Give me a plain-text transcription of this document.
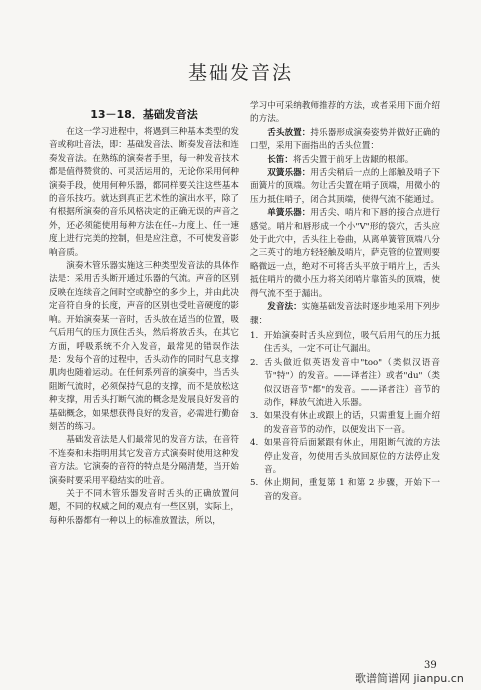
基础发音法
13－18．基础发音法

在这一学习进程中，将遇到三种基本类型的发音或称吐音法，即：基础发音法、断奏发音法和连奏发音法。在熟练的演奏者手里，每一种发音技术都是值得赞赏的、可灵活运用的，无论你采用何种演奏手段，使用何种乐器，都同样要关注这些基本的音乐技巧。就达到真正艺术性的演出水平，除了有根据所演奏的音乐风格决定的正确无误的声音之外，还必须能使用每种方法在任--力度上、任一速度上进行完美的控制，但是应注意，不可使发音影响音质。

演奏木管乐器实施这三种类型发音法的具体作法是：采用舌头断开通过乐器的气流。声音的区别反映在连续音之间时空或静空的多少上，并由此决定音符自身的长度，声音的区别也受吐音硬度的影响。开始演奏某一音时，舌头放在适当的位置，吸气后用气的压力顶住舌头，然后将放舌头，在其它方面，呼吸系统不介入发音，最常见的错误作法是：发每个音的过程中，舌头动作的同时气息支撑肌肉也随着运动。在任何系列音的演奏中，当舌头阻断气流时，必须保持气息的支撑，而不是放松这种支撑，用舌头打断气流的概念是发展良好发音的基础概念，如果想获得良好的发音，必需进行勤奋刻苦的练习。

基础发音法是人们最常见的发音方法，在音符不连奏和未指明用其它发音方式演奏时使用这种发音方法。它演奏的音符的特点是分隔清楚，当开始演奏时要采用平稳结实的吐音。

关于不同木管乐器发音时舌头的正确放置问题，不同的权威之间的观点有一些区别，实际上，每种乐器都有一种以上的标准放置法，所以，

学习中可采纳教师推荐的方法，或者采用下面介绍的方法。

舌头放置：持乐器形成演奏姿势并做好正确的口型，采用下面指出的舌头位置：

长笛：将舌尖置于前牙上齿龈的根部。

双簧乐器：用舌尖稍后一点的上部触及哨子下面簧片的顶端。勿让舌尖置在哨子顶端，用微小的压力抵住哨子，闭合其顶端，使得气流不能通过。

单簧乐器：用舌尖、哨片和下唇的接合点进行感觉。哨片和唇形成一个小"V"形的袋穴，舌头应处于此穴中，舌头往上卷曲，从离单簧管顶端八分之三英寸的地方轻轻触及哨片，萨克管的位置则要略微远一点，绝对不可将舌头平放于哨片上，舌头抵住哨片的微小压力将关闭哨片靠笛头的顶端，使得气流不至于漏出。

发音法：实施基础发音法时逐步地采用下列步骤：

1. 开始演奏时舌头应到位，吸气后用气的压力抵住舌头，一定不可让气漏出。
2. 舌头做近似英语发音中"too"（类似汉语音节"特"）的发音。——译者注）或者"du"（类似汉语音节"都"的发音。——译者注）音节的动作，释放气流进入乐器。
3. 如果没有休止或跟上的话，只需重复上面介绍的发音音节的动作，以便发出下一音。
4. 如果音符后面紧跟有休止，用阻断气流的方法停止发音，勿使用舌头放回原位的方法停止发音。
5. 休止期间，重复第 1 和第 2 步骤，开始下一音的发音。
39
歌谱简谱网 jianpu.cn
